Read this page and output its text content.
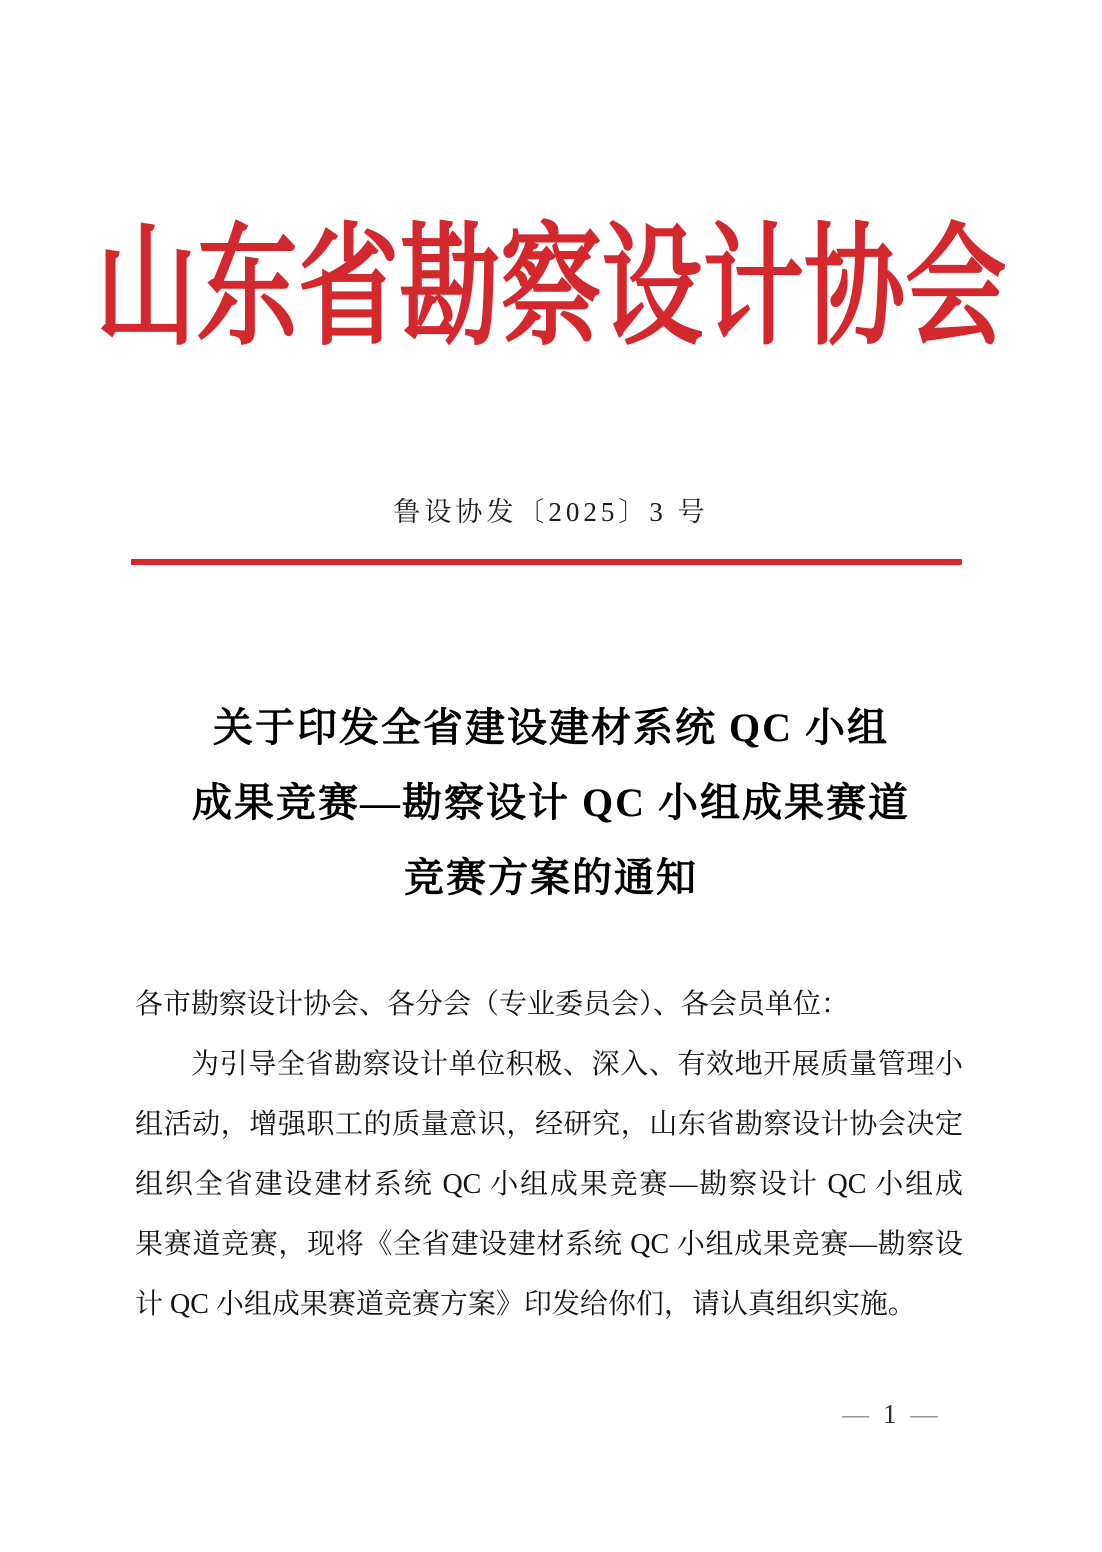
山东省勘察设计协会
鲁设协发〔2025〕3 号
关于印发全省建设建材系统 QC 小组
成果竞赛—勘察设计 QC 小组成果赛道
竞赛方案的通知
各市勘察设计协会、各分会（专业委员会）、各会员单位：
为引导全省勘察设计单位积极、深入、有效地开展质量管理小
组活动，增强职工的质量意识，经研究，山东省勘察设计协会决定
组织全省建设建材系统 QC 小组成果竞赛—勘察设计 QC 小组成
果赛道竞赛，现将《全省建设建材系统 QC 小组成果竞赛—勘察设
计 QC 小组成果赛道竞赛方案》印发给你们，请认真组织实施。
— 1 —
